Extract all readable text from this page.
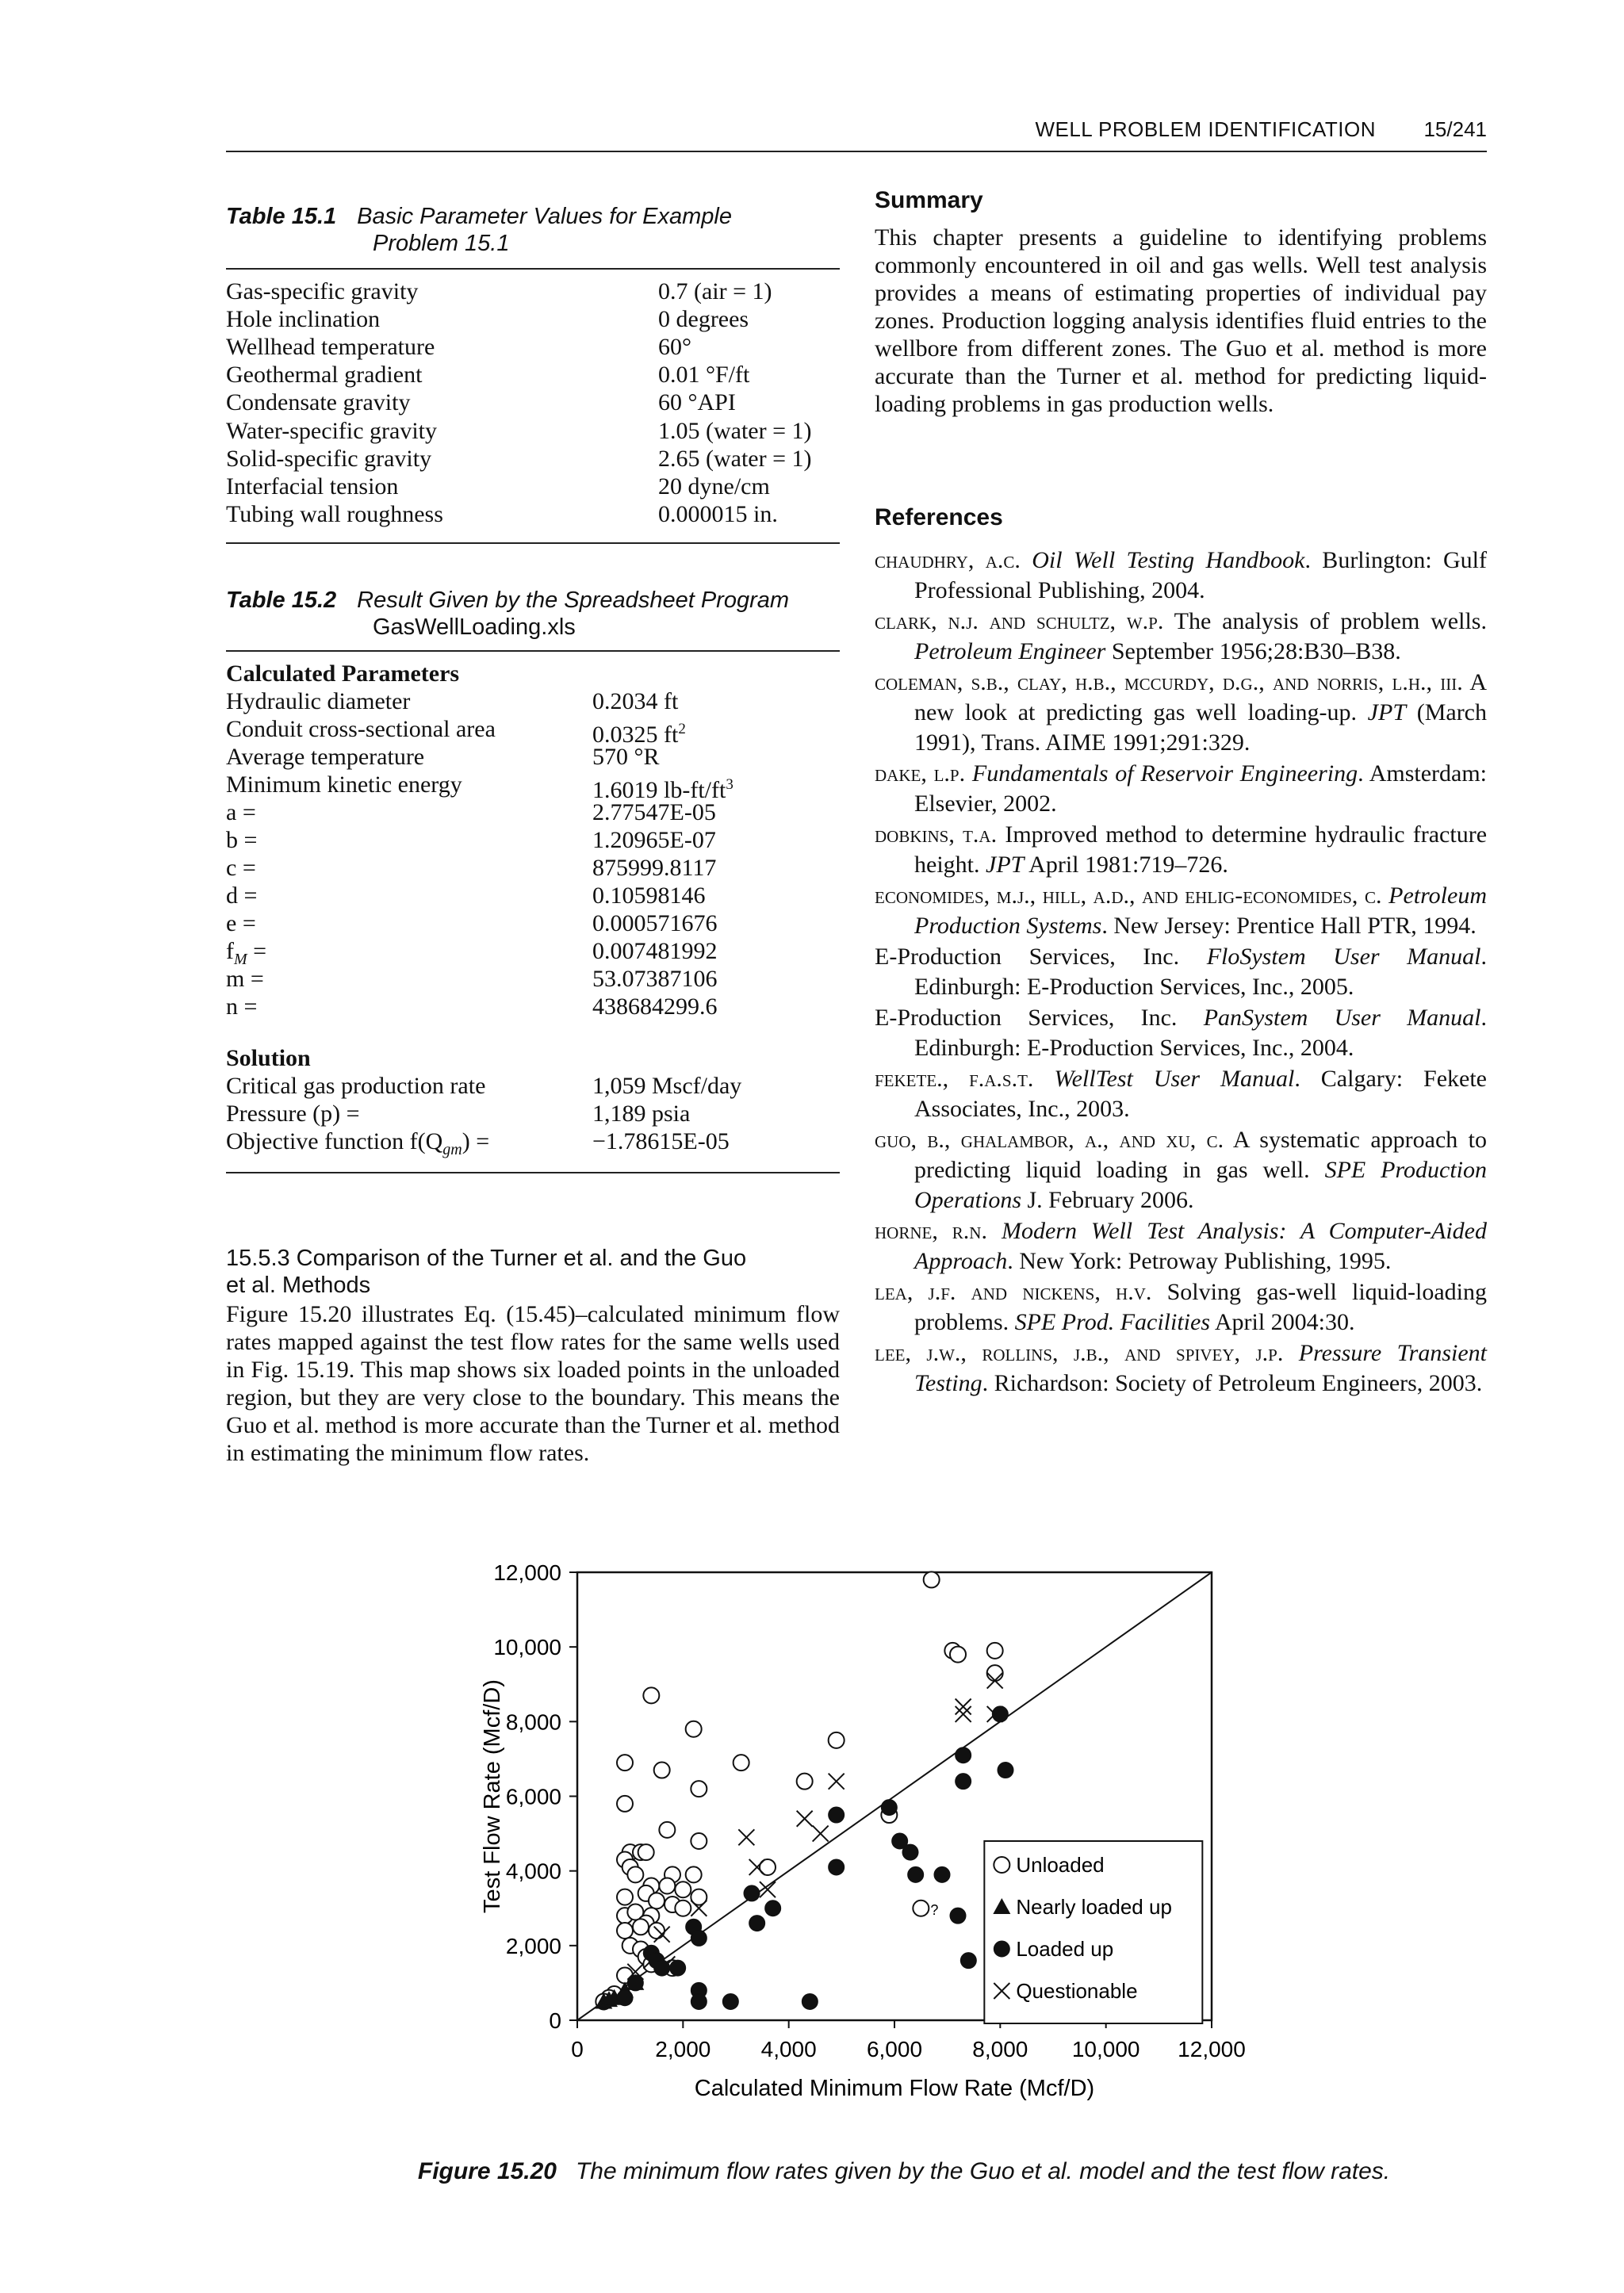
WELL PROBLEM IDENTIFICATION 15/241
Table 15.1 Basic Parameter Values for Example
Problem 15.1
Gas-specific gravity	0.7 (air = 1)
Hole inclination	0 degrees
Wellhead temperature	60°
Geothermal gradient	0.01 °F/ft
Condensate gravity	60 °API
Water-specific gravity	1.05 (water = 1)
Solid-specific gravity	2.65 (water = 1)
Interfacial tension	20 dyne/cm
Tubing wall roughness	0.000015 in.
Table 15.2 Result Given by the Spreadsheet Program
GasWellLoading.xls
Calculated Parameters
Hydraulic diameter	0.2034 ft
Conduit cross-sectional area	0.0325 $ft^2$
Average temperature	570 °R
Minimum kinetic energy	1.6019 $lb-ft/ft^3$
a =	2.77547E-05
b =	1.20965E-07
c =	875999.8117
d =	0.10598146
e =	0.000571676
$f_M$ =	0.007481992
m =	53.07387106
n =	438684299.6
Solution
Critical gas production rate	1,059 Mscf/day
Pressure (p) =	1,189 psia
Objective function $f(Q_{gm})$ =	−1.78615E-05
15.5.3 Comparison of the Turner et al. and the Guo
et al. Methods
Figure 15.20 illustrates Eq. (15.45)–calculated minimum flow rates mapped against the test flow rates for the same wells used in Fig. 15.19. This map shows six loaded points in the unloaded region, but they are very close to the boundary. This means the Guo et al. method is more accurate than the Turner et al. method in estimating the minimum flow rates.
Summary
This chapter presents a guideline to identifying problems commonly encountered in oil and gas wells. Well test analysis provides a means of estimating properties of individual pay zones. Production logging analysis identifies fluid entries to the wellbore from different zones. The Guo et al. method is more accurate than the Turner et al. method for predicting liquid-loading problems in gas production wells.
References

chaudhry, a.c. Oil Well Testing Handbook. Burlington: Gulf Professional Publishing, 2004.

clark, n.j. and schultz, w.p. The analysis of problem wells. Petroleum Engineer September 1956;28:B30–B38.

coleman, s.b., clay, h.b., mccurdy, d.g., and norris, l.h., iii. A new look at predicting gas well loading-up. JPT (March 1991), Trans. AIME 1991;291:329.

dake, l.p. Fundamentals of Reservoir Engineering. Amsterdam: Elsevier, 2002.

dobkins, t.a. Improved method to determine hydraulic fracture height. JPT April 1981:719–726.

economides, m.j., hill, a.d., and ehlig-economides, c. Petroleum Production Systems. New Jersey: Prentice Hall PTR, 1994.

E-Production Services, Inc. FloSystem User Manual. Edinburgh: E-Production Services, Inc., 2005.

E-Production Services, Inc. PanSystem User Manual. Edinburgh: E-Production Services, Inc., 2004.

fekete., f.a.s.t. WellTest User Manual. Calgary: Fekete Associates, Inc., 2003.

guo, b., ghalambor, a., and xu, c. A systematic approach to predicting liquid loading in gas well. SPE Production Operations J. February 2006.

horne, r.n. Modern Well Test Analysis: A Computer-Aided Approach. New York: Petroway Publishing, 1995.

lea, j.f. and nickens, h.v. Solving gas-well liquid-loading problems. SPE Prod. Facilities April 2004:30.

lee, j.w., rollins, j.b., and spivey, j.p. Pressure Transient Testing. Richardson: Society of Petroleum Engineers, 2003.

0	2,000 4,000 6,000 8,000 10,000 12,000
0
2,000
4,000
6,000
8,000
10,000
12,000
Unloaded
Nearly loaded up
Loaded up
Questionable
Calculated Minimum Flow Rate (Mcf/D)
Test Flow Rate (Mcf/D)	?
Figure 15.20 The minimum flow rates given by the Guo et al. model and the test flow rates.
